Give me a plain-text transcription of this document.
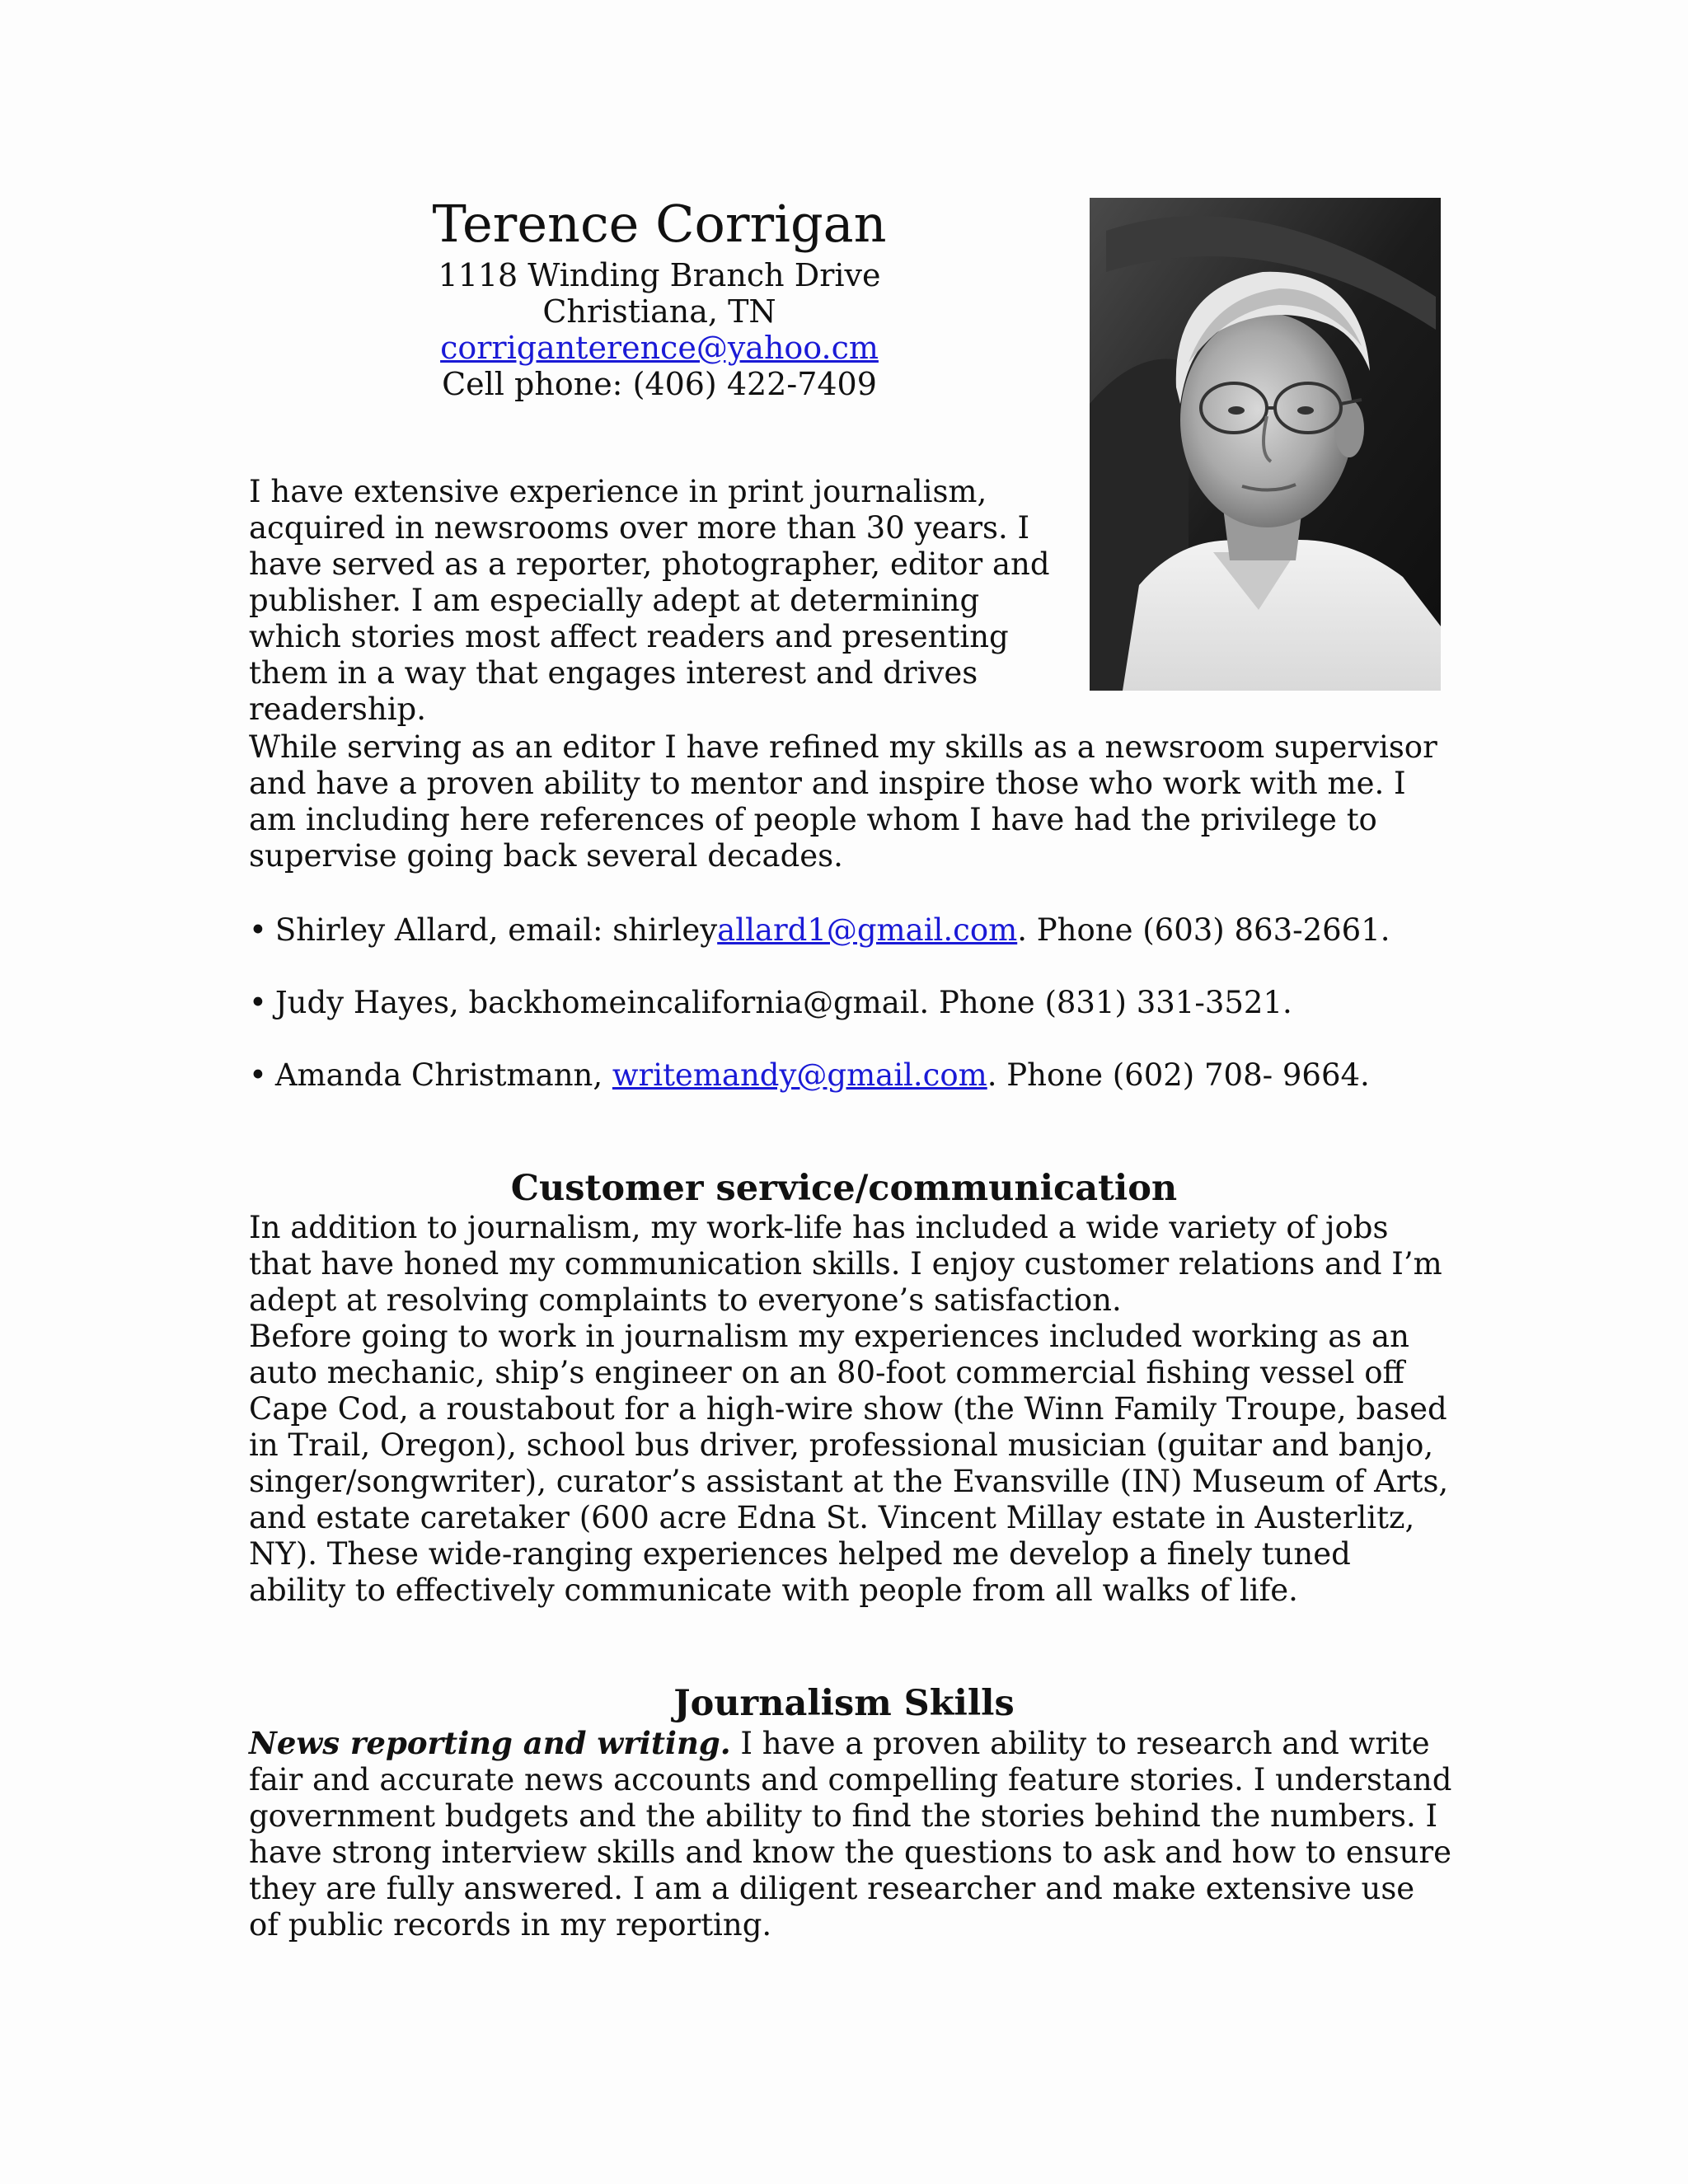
Terence Corrigan

1118 Winding Branch Drive

Christiana, TN

corriganterence@yahoo.cm

Cell phone: (406) 422-7409

I have extensive experience in print journalism, acquired in newsrooms over more than 30 years. I have served as a reporter, photographer, editor and publisher. I am especially adept at determining which stories most affect readers and presenting them in a way that engages interest and drives readership.

While serving as an editor I have refined my skills as a newsroom supervisor and have a proven ability to mentor and inspire those who work with me. I am including here references of people whom I have had the privilege to supervise going back several decades.

• Shirley Allard, email: shirleyallard1@gmail.com. Phone (603) 863-2661.
• Judy Hayes, backhomeincalifornia@gmail. Phone (831) 331-3521.
• Amanda Christmann, writemandy@gmail.com. Phone (602) 708- 9664.
Customer service/communication
In addition to journalism, my work-life has included a wide variety of jobs that have honed my communication skills. I enjoy customer relations and I’m adept at resolving complaints to everyone’s satisfaction.
Before going to work in journalism my experiences included working as an auto mechanic, ship’s engineer on an 80-foot commercial fishing vessel off Cape Cod, a roustabout for a high-wire show (the Winn Family Troupe, based in Trail, Oregon), school bus driver, professional musician (guitar and banjo, singer/songwriter), curator’s assistant at the Evansville (IN) Museum of Arts, and estate caretaker (600 acre Edna St. Vincent Millay estate in Austerlitz, NY). These wide-ranging experiences helped me develop a finely tuned ability to effectively communicate with people from all walks of life.
Journalism Skills

News reporting and writing. I have a proven ability to research and write fair and accurate news accounts and compelling feature stories. I understand government budgets and the ability to find the stories behind the numbers. I have strong interview skills and know the questions to ask and how to ensure they are fully answered. I am a diligent researcher and make extensive use of public records in my reporting.
